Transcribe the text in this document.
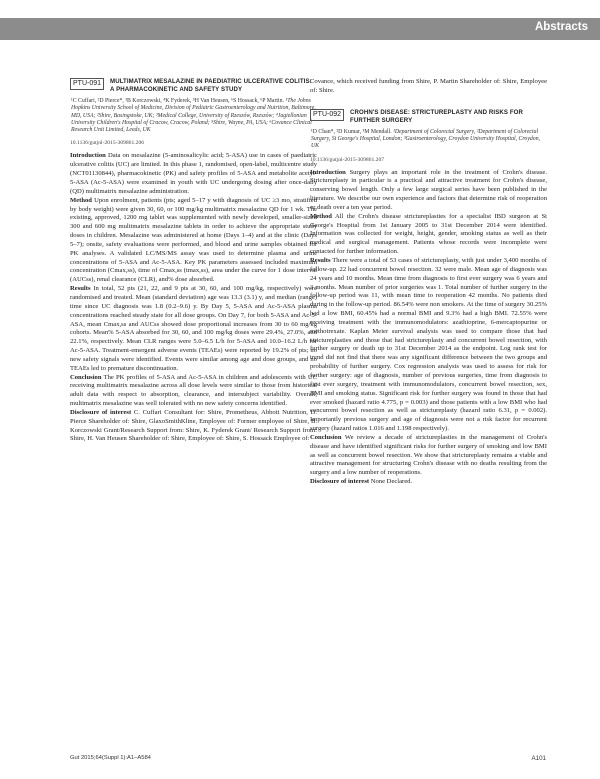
Abstracts
PTU-091	MULTIMATRIX MESALAZINE IN PAEDIATRIC ULCERATIVE COLITIS: A PHARMACOKINETIC AND SAFETY STUDY
¹C Cuffari, ²D Pierce*, ³B Korczowski, ⁴K Fyderek, ⁵H Van Heusen, ⁶S Hossack, ⁶P Martin. ¹The Johns Hopkins University School of Medicine, Division of Pediatric Gastroenterology and Nutrition, Baltimore, MD, USA; ²Shire, Basingstoke, UK; ³Medical College, University of Rzeszów, Rzeszów; ⁴Jagiellonian University Children's Hospital of Cracow, Cracow, Poland; ⁵Shire, Wayne, PA, USA; ⁶Covance Clinical Research Unit Limited, Leeds, UK
10.1136/gutjnl-2015-309861.206

Introduction Data on mesalazine (5-aminosalicylic acid; 5-ASA) use in cases of paediatric ulcerative colitis (UC) are limited. In this phase 1, randomised, open-label, multicentre study (NCT01130844), pharmacokinetic (PK) and safety profiles of 5-ASA and metabolite acetyl-5-ASA (Ac-5-ASA) were examined in youth with UC undergoing dosing after once-daily (QD) multimatrix mesalazine administration.

Method Upon enrolment, patients (pts; aged 5–17 y with diagnosis of UC ≥3 mo, stratified by body weight) were given 30, 60, or 100 mg/kg multimatrix mesalazine QD for 1 wk. The existing, approved, 1200 mg tablet was supplemented with newly developed, smaller-sized 300 and 600 mg multimatrix mesalazine tablets in order to achieve the appropriate study doses in children. Mesalazine was administered at home (Days 1–4) and at the clinic (Days 5–7); onsite, safety evaluations were performed, and blood and urine samples obtained for PK analyses. A validated LC/MS/MS assay was used to determine plasma and urine concentrations of 5-ASA and Ac-5-ASA. Key PK parameters assessed included maximum concentration (Cmax,ss), time of Cmax,ss (tmax,ss), area under the curve for 1 dose interval (AUCss), renal clearance (CLR), and% dose absorbed.

Results In total, 52 pts (21, 22, and 9 pts at 30, 60, and 100 mg/kg, respectively) were randomised and treated. Mean (standard deviation) age was 13.3 (3.1) y, and median (range) time since UC diagnosis was 1.8 (0.2–9.6) y. By Day 5, 5-ASA and Ac-5-ASA plasma concentrations reached steady state for all dose groups. On Day 7, for both 5-ASA and Ac-5-ASA, mean Cmax,ss and AUCss showed dose proportional increases from 30 to 60 mg/kg cohorts. Mean% 5-ASA absorbed for 30, 60, and 100 mg/kg doses were 29.4%, 27.0%, and 22.1%, respectively. Mean CLR ranges were 5.0–6.5 L/h for 5-ASA and 10.0–16.2 L/h for Ac-5-ASA. Treatment-emergent adverse events (TEAEs) were reported by 19.2% of pts; no new safety signals were identified. Events were similar among age and dose groups, and no TEAEs led to premature discontinuation.

Conclusion The PK profiles of 5-ASA and Ac-5-ASA in children and adolescents with UC receiving multimatrix mesalazine across all dose levels were similar to those from historical adult data with respect to absorption, clearance, and intersubject variability. Overall, multimatrix mesalazine was well tolerated with no new safety concerns identified.

Disclosure of interest C. Cuffari Consultant for: Shire, Prometheus, Abbott Nutrition, D. Pierce Shareholder of: Shire, GlaxoSmithKline, Employee of: Former employee of Shire, B. Korczowski Grant/Research Support from: Shire, K. Fyderek Grant/ Research Support from: Shire, H. Van Heusen Shareholder of: Shire, Employee of: Shire, S. Hossack Employee of:

Covance, which received funding from Shire, P. Martin Shareholder of: Shire, Employee of: Shire.

PTU-092	CROHN'S DISEASE: STRICTUREPLASTY AND RISKS FOR FURTHER SURGERY
¹D Chan*, ²D Kumar, ³M Mendall. ¹Department of Colorectal Surgery, ²Department of Colorectal Surgery, St George's Hospital, London; ³Gastroenterology, Croydon University Hospital, Croydon, UK
10.1136/gutjnl-2015-309861.207

Introduction Surgery plays an important role in the treatment of Crohn's disease. Strictureplasty in particular is a practical and attractive treatment for Crohn's disease, conserving bowel length. Only a few large surgical series have been published in the literature. We describe our own experience and factors that determine risk of reoperation or death over a ten year period.

Method All the Crohn's disease strictureplasties for a specialist IBD surgeon at St George's Hospital from 1st January 2005 to 31st December 2014 were identified. Information was collected for weight, height, gender, smoking status as well as their medical and surgical management. Patients whose records were incomplete were contacted for further information.

Results There were a total of 53 cases of strictureplasty, with just under 3,400 months of follow-up. 22 had concurrent bowel resection. 32 were male. Mean age of diagnosis was 24 years and 10 months. Mean time from diagnosis to first ever surgery was 6 years and 3 months. Mean number of prior surgeries was 1. Total number of further surgery in the follow-up period was 11, with mean time to reoperation 42 months. No patients died during in the follow-up period. 86.54% were non smokers. At the time of surgery 30.25% had a low BMI, 60.45% had a normal BMI and 9.3% had a high BMI. 72.55% were receiving treatment with the immunomodulators: azathioprine, 6-mercaptopurine or methotrexate. Kaplan Meier survival analysis was used to compare those that had strictureplasties and those that had strictureplasty and concurrent bowel resection, with further surgery or death up to 31st December 2014 as the endpoint. Log rank test for trend did not find that there was any significant difference between the two groups and probability of further surgery. Cox regression analysis was used to assess for risk for further surgery: age of diagnosis, number of previous surgeries, time from diagnosis to first ever surgery, treatment with immunomodulators, concurrent bowel resection, sex, BMI and smoking status. Significant risk for further surgery was found in those that had ever smoked (hazard ratio 4.775, p = 0.003) and those patients with a low BMI who had concurrent bowel resection as well as strictureplasty (hazard ratio 6.31, p = 0.002). Importantly previous surgery and age of diagnosis were not a risk factor for recurrent surgery (hazard ratios 1.016 and 1.198 respectively).

Conclusion We review a decade of strictureplasties in the management of Crohn's disease and have identified significant risks for further surgery of smoking and low BMI as well as concurrent bowel resection. We show that strictureplasty remains a viable and attractive management for structuring Crohn's disease with no deaths resulting from the surgery and a low number of reoperations.

Disclosure of interest None Declared.

Gut 2015;64(Suppl 1):A1–A584	A101
